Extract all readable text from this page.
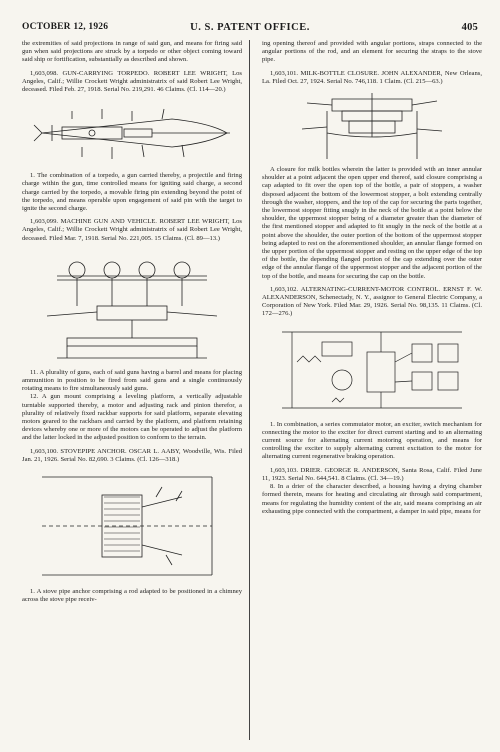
OCTOBER 12, 1926	U. S. PATENT OFFICE.	405

the extremities of said projections in range of said gun, and means for firing said gun when said projections are struck by a torpedo or other object coming toward said ship or fortification, substantially as described and shown.

1,603,098. GUN-CARRYING TORPEDO. ROBERT LEE WRIGHT, Los Angeles, Calif.; Willie Crockett Wright administratrix of said Robert Lee Wright, deceased. Filed Feb. 27, 1918. Serial No. 219,291. 46 Claims. (Cl. 114—20.)

1. The combination of a torpedo, a gun carried thereby, a projectile and firing charge within the gun, time controlled means for igniting said charge, a second charge carried by the torpedo, a movable firing pin extending beyond the point of the torpedo, and means operable upon engagement of said pin with the target to ignite the second charge.

1,603,099. MACHINE GUN AND VEHICLE. ROBERT LEE WRIGHT, Los Angeles, Calif.; Willie Crockett Wright administratrix of said Robert Lee Wright, deceased. Filed Mar. 7, 1918. Serial No. 221,005. 15 Claims. (Cl. 89—13.)

11. A plurality of guns, each of said guns having a barrel and means for placing ammunition in position to be fired from said guns and a single continuously rotating means to fire simultaneously said guns.

12. A gun mount comprising a leveling platform, a vertically adjustable turntable supported thereby, a motor and adjusting rack and pinion therefor, a plurality of relatively fixed rackbar supports for said platform, separate elevating motors geared to the rackbars and carried by the platform, and platform retaining devices whereby one or more of the motors can be operated to adjust the platform and the latter locked in the adjusted position to conform to the terrain.

1,603,100. STOVEPIPE ANCHOR. OSCAR L. AABY, Woodville, Wis. Filed Jan. 21, 1926. Serial No. 82,690. 3 Claims. (Cl. 126—318.)

1. A stove pipe anchor comprising a rod adapted to be positioned in a chimney across the stove pipe receiv-

ing opening thereof and provided with angular portions, straps connected to the angular portions of the rod, and an element for securing the straps to the stove pipe.

1,603,101. MILK-BOTTLE CLOSURE. JOHN ALEXANDER, New Orleans, La. Filed Oct. 27, 1924. Serial No. 746,118. 1 Claim. (Cl. 215—63.)

A closure for milk bottles wherein the latter is provided with an inner annular shoulder at a point adjacent the open upper end thereof, said closure comprising a cap adapted to fit over the open top of the bottle, a pair of stoppers, a washer disposed adjacent the bottom of the lowermost stopper, a bolt extending centrally through the washer, stoppers, and the top of the cap for securing the parts together, the lowermost stopper fitting snugly in the neck of the bottle at a point below the shoulder, the uppermost stopper being of a diameter greater than the diameter of the first mentioned stopper and adapted to fit snugly in the neck of the bottle at a point above the shoulder, the outer portion of the bottom of the uppermost stopper being adapted to rest on the aforementioned shoulder, an annular flange formed on the upper portion of the uppermost stopper and resting on the upper edge of the top of the bottle, the depending flanged portion of the cap extending over the outer edge of the annular flange of the uppermost stopper and the adjacent portion of the top of the bottle, and means for securing the cap on the bottle.

1,603,102. ALTERNATING-CURRENT-MOTOR CONTROL. ERNST F. W. ALEXANDERSON, Schenectady, N. Y., assignor to General Electric Company, a Corporation of New York. Filed Mar. 29, 1926. Serial No. 98,135. 11 Claims. (Cl. 172—276.)

1. In combination, a series commutator motor, an exciter, switch mechanism for connecting the motor to the exciter for direct current starting and to an alternating current source for alternating current motoring operation, and means for controlling the exciter to supply alternating current excitation to the motor for alternating current regenerative braking operation.

1,603,103. DRIER. GEORGE R. ANDERSON, Santa Rosa, Calif. Filed June 11, 1923. Serial No. 644,541. 8 Claims. (Cl. 34—19.)

8. In a drier of the character described, a housing having a drying chamber formed therein, means for heating and circulating air through said compartment, means for regulating the humidity content of the air, said means comprising an air exhausting pipe connected with the compartment, a damper in said pipe, means for
